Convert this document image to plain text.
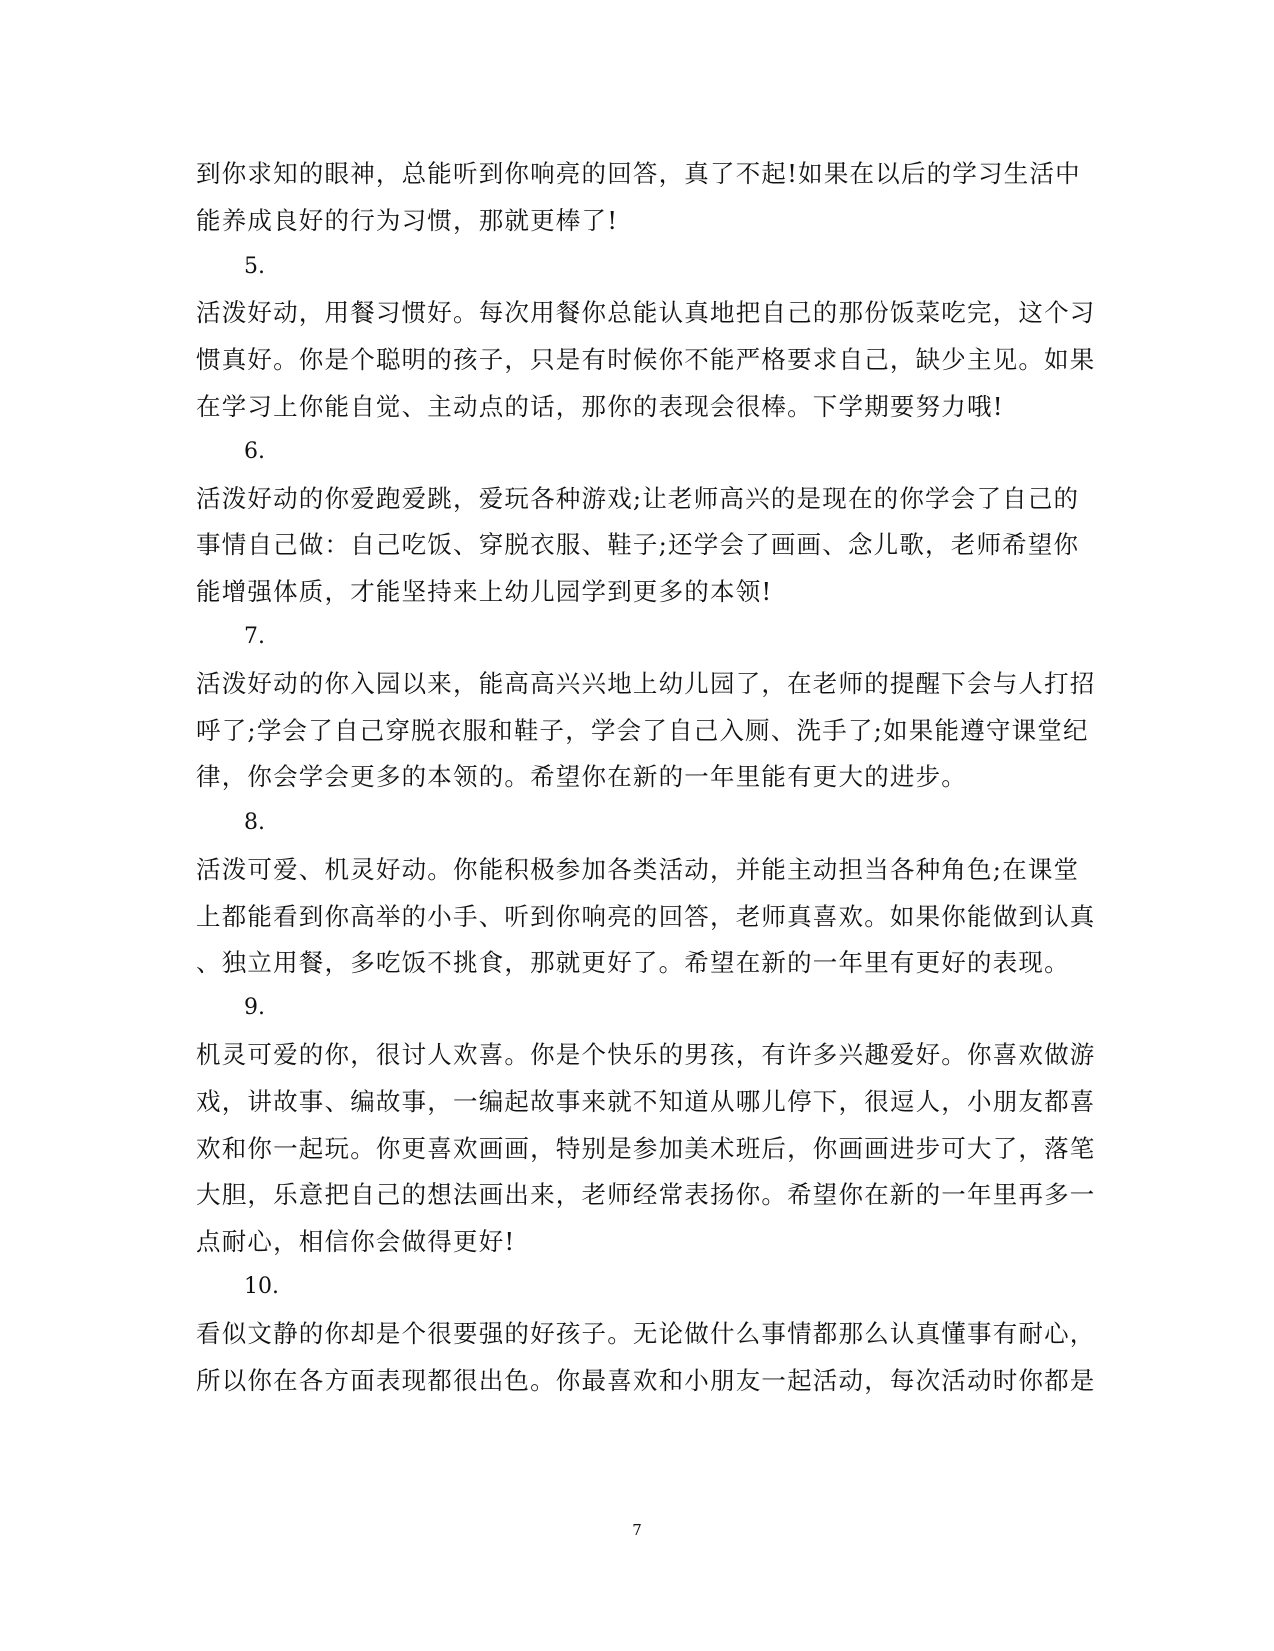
到你求知的眼神，总能听到你响亮的回答，真了不起!如果在以后的学习生活中
能养成良好的行为习惯，那就更棒了!
5.
活泼好动，用餐习惯好。每次用餐你总能认真地把自己的那份饭菜吃完，这个习
惯真好。你是个聪明的孩子，只是有时候你不能严格要求自己，缺少主见。如果
在学习上你能自觉、主动点的话，那你的表现会很棒。下学期要努力哦!
6.
活泼好动的你爱跑爱跳，爱玩各种游戏;让老师高兴的是现在的你学会了自己的
事情自己做：自己吃饭、穿脱衣服、鞋子;还学会了画画、念儿歌，老师希望你
能增强体质，才能坚持来上幼儿园学到更多的本领!
7.
活泼好动的你入园以来，能高高兴兴地上幼儿园了，在老师的提醒下会与人打招
呼了;学会了自己穿脱衣服和鞋子，学会了自己入厕、洗手了;如果能遵守课堂纪
律，你会学会更多的本领的。希望你在新的一年里能有更大的进步。
8.
活泼可爱、机灵好动。你能积极参加各类活动，并能主动担当各种角色;在课堂
上都能看到你高举的小手、听到你响亮的回答，老师真喜欢。如果你能做到认真
、独立用餐，多吃饭不挑食，那就更好了。希望在新的一年里有更好的表现。
9.
机灵可爱的你，很讨人欢喜。你是个快乐的男孩，有许多兴趣爱好。你喜欢做游
戏，讲故事、编故事，一编起故事来就不知道从哪儿停下，很逗人，小朋友都喜
欢和你一起玩。你更喜欢画画，特别是参加美术班后，你画画进步可大了，落笔
大胆，乐意把自己的想法画出来，老师经常表扬你。希望你在新的一年里再多一
点耐心，相信你会做得更好!
10.
看似文静的你却是个很要强的好孩子。无论做什么事情都那么认真懂事有耐心，
所以你在各方面表现都很出色。你最喜欢和小朋友一起活动，每次活动时你都是
7
